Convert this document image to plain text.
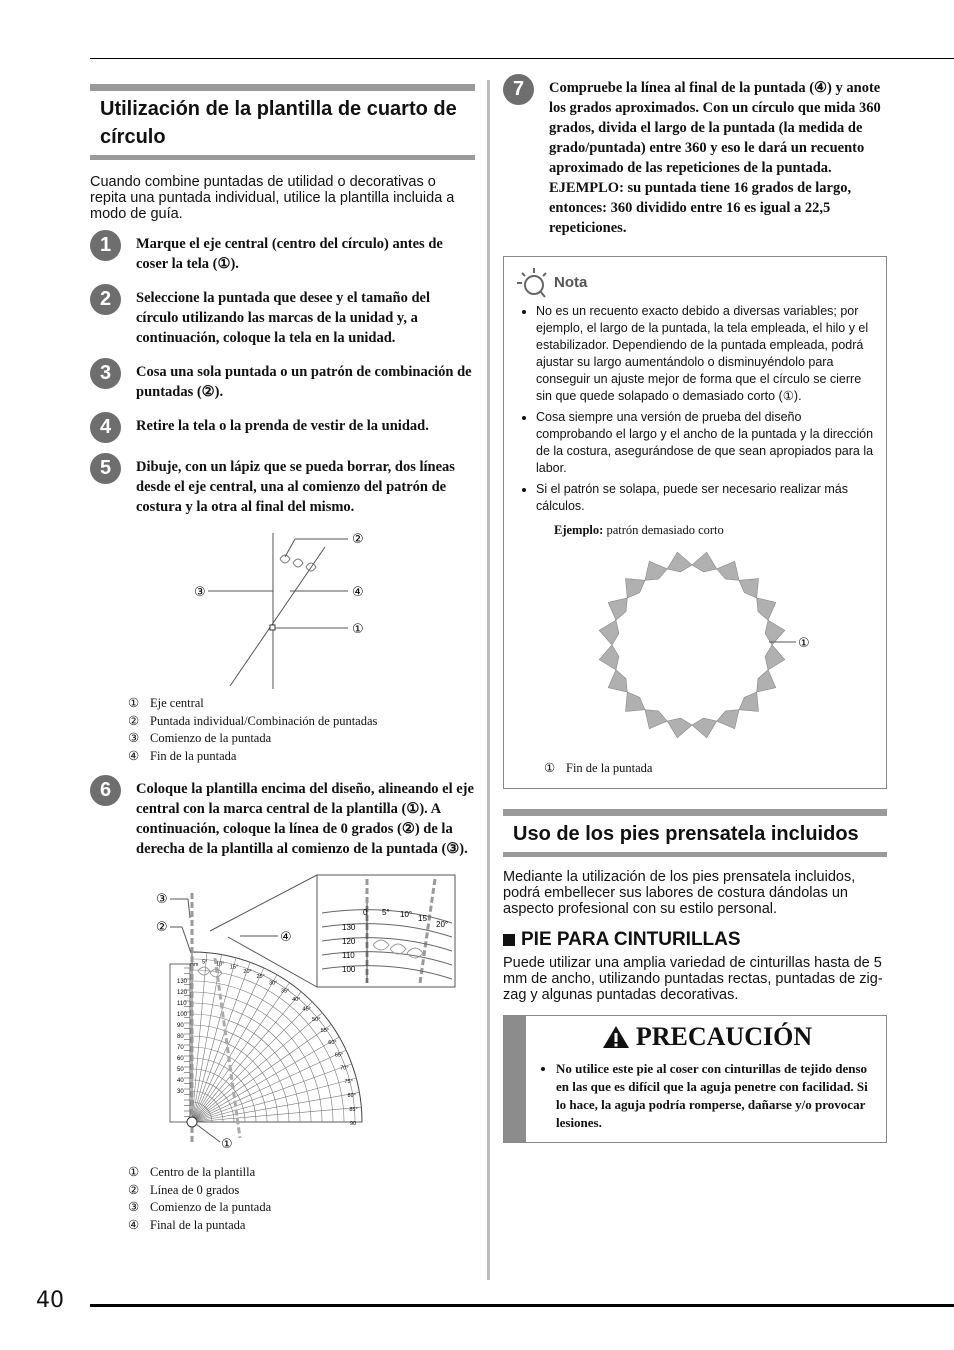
Utilización de la plantilla de cuarto de círculo

Cuando combine puntadas de utilidad o decorativas o repita una puntada individual, utilice la plantilla incluida a modo de guía.

1	Marque el eje central (centro del círculo) antes de coser la tela (①).
2	Seleccione la puntada que desee y el tamaño del círculo utilizando las marcas de la unidad y, a continuación, coloque la tela en la unidad.
3	Cosa una sola puntada o un patrón de combinación de puntadas (②).
4	Retire la tela o la prenda de vestir de la unidad.
5	Dibuje, con un lápiz que se pueda borrar, dos líneas desde el eje central, una al comienzo del patrón de costura y la otra al final del mismo.
②
③	④
①
① Eje central
② Puntada individual/Combinación de puntadas
③ Comienzo de la puntada
④ Fin de la puntada
6	Coloque la plantilla encima del diseño, alineando el eje central con la marca central de la plantilla (①). A continuación, coloque la línea de 0 grados (②) de la derecha de la plantilla al comienzo de la puntada (③).
130
120
110
100
90
80
70
60
50
40
30
mm 5° 10°
15°
20°
25°
30°
35°
40°
45°
50°
55°
60°
65°
70°
75°
80°
85°
90
130
120
110
100
0 5° 10° 15
20°
③
②
④
①
① Centro de la plantilla
② Línea de 0 grados
③ Comienzo de la puntada
④ Final de la puntada
7	Compruebe la línea al final de la puntada (④) y anote los grados aproximados. Con un círculo que mida 360 grados, divida el largo de la puntada (la medida de grado/puntada) entre 360 y eso le dará un recuento aproximado de las repeticiones de la puntada. EJEMPLO: su puntada tiene 16 grados de largo, entonces: 360 dividido entre 16 es igual a 22,5 repeticiones.
Nota
• No es un recuento exacto debido a diversas variables; por ejemplo, el largo de la puntada, la tela empleada, el hilo y el estabilizador. Dependiendo de la puntada empleada, podrá ajustar su largo aumentándolo o disminuyéndolo para conseguir un ajuste mejor de forma que el círculo se cierre sin que quede solapado o demasiado corto (①).
• Cosa siempre una versión de prueba del diseño comprobando el largo y el ancho de la puntada y la dirección de la costura, asegurándose de que sean apropiados para la labor.
• Si el patrón se solapa, puede ser necesario realizar más cálculos.
Ejemplo: patrón demasiado corto
①
① Fin de la puntada
Uso de los pies prensatela incluidos

Mediante la utilización de los pies prensatela incluidos, podrá embellecer sus labores de costura dándolas un aspecto profesional con su estilo personal.

PIE PARA CINTURILLAS

Puede utilizar una amplia variedad de cinturillas hasta de 5 mm de ancho, utilizando puntadas rectas, puntadas de zig-zag y algunas puntadas decorativas.

PRECAUCIÓN
• No utilice este pie al coser con cinturillas de tejido denso en las que es difícil que la aguja penetre con facilidad. Si lo hace, la aguja podría romperse, dañarse y/o provocar lesiones.
40
